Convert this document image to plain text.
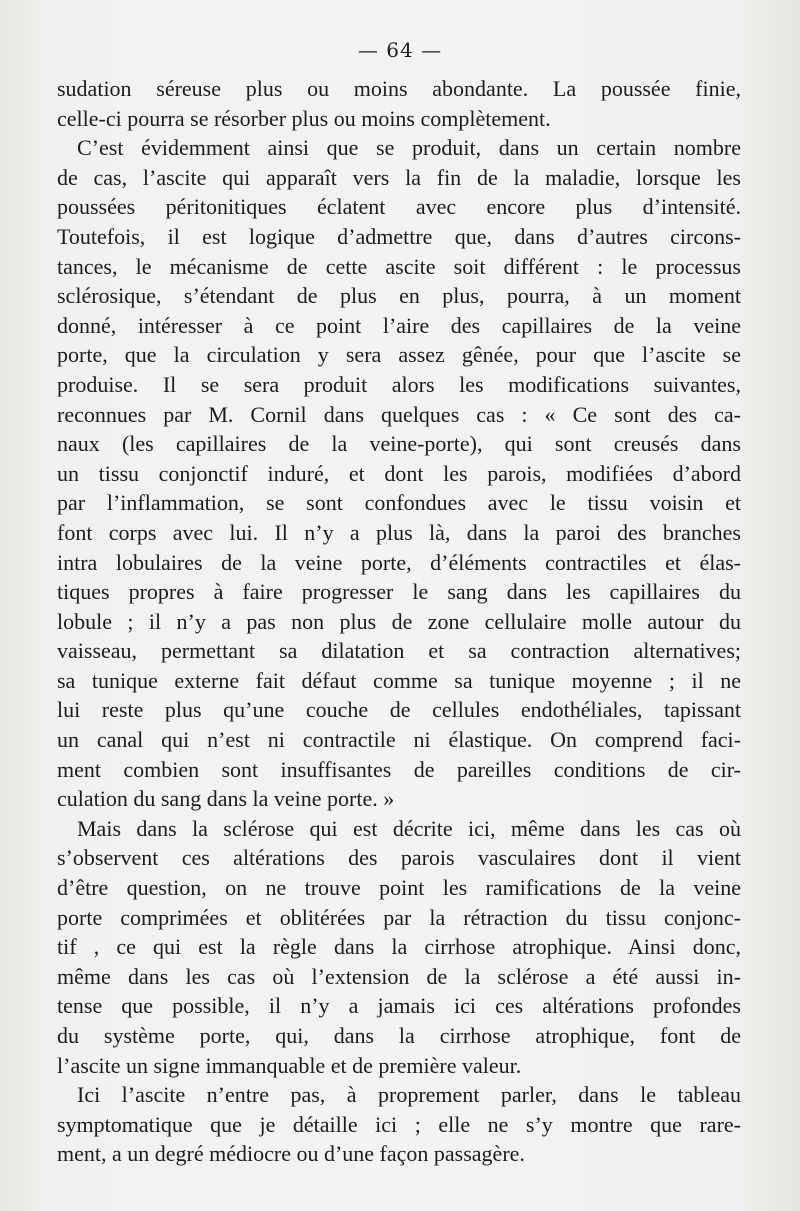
— 64 —
sudation séreuse plus ou moins abondante. La poussée finie,
celle-ci pourra se résorber plus ou moins complètement.
C’est évidemment ainsi que se produit, dans un certain nombre
de cas, l’ascite qui apparaît vers la fin de la maladie, lorsque les
poussées péritonitiques éclatent avec encore plus d’intensité.
Toutefois, il est logique d’admettre que, dans d’autres circons-
tances, le mécanisme de cette ascite soit différent : le processus
sclérosique, s’étendant de plus en plus, pourra, à un moment
donné, intéresser à ce point l’aire des capillaires de la veine
porte, que la circulation y sera assez gênée, pour que l’ascite se
produise. Il se sera produit alors les modifications suivantes,
reconnues par M. Cornil dans quelques cas : « Ce sont des ca-
naux (les capillaires de la veine-porte), qui sont creusés dans
un tissu conjonctif induré, et dont les parois, modifiées d’abord
par l’inflammation, se sont confondues avec le tissu voisin et
font corps avec lui. Il n’y a plus là, dans la paroi des branches
intra lobulaires de la veine porte, d’éléments contractiles et élas-
tiques propres à faire progresser le sang dans les capillaires du
lobule ; il n’y a pas non plus de zone cellulaire molle autour du
vaisseau, permettant sa dilatation et sa contraction alternatives;
sa tunique externe fait défaut comme sa tunique moyenne ; il ne
lui reste plus qu’une couche de cellules endothéliales, tapissant
un canal qui n’est ni contractile ni élastique. On comprend faci-
ment combien sont insuffisantes de pareilles conditions de cir-
culation du sang dans la veine porte. »
Mais dans la sclérose qui est décrite ici, même dans les cas où
s’observent ces altérations des parois vasculaires dont il vient
d’être question, on ne trouve point les ramifications de la veine
porte comprimées et oblitérées par la rétraction du tissu conjonc-
tif , ce qui est la règle dans la cirrhose atrophique. Ainsi donc,
même dans les cas où l’extension de la sclérose a été aussi in-
tense que possible, il n’y a jamais ici ces altérations profondes
du système porte, qui, dans la cirrhose atrophique, font de
l’ascite un signe immanquable et de première valeur.
Ici l’ascite n’entre pas, à proprement parler, dans le tableau
symptomatique que je détaille ici ; elle ne s’y montre que rare-
ment, a un degré médiocre ou d’une façon passagère.
